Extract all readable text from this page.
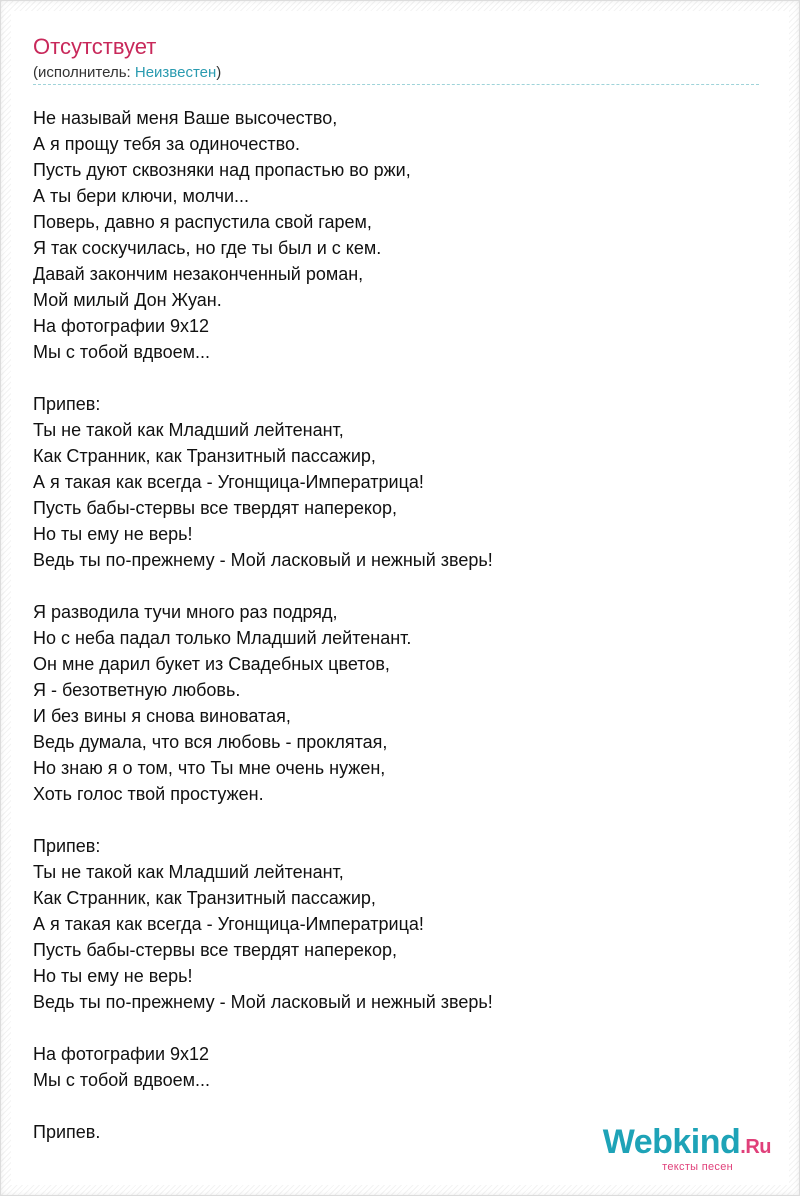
Отсутствует
(исполнитель: Неизвестен)
Не называй меня Ваше высочество,
А я прощу тебя за одиночество.
Пусть дуют сквозняки над пропастью во ржи,
А ты бери ключи, молчи...
Поверь, давно я распустила свой гарем,
Я так соскучилась, но где ты был и с кем.
Давай закончим незаконченный роман,
Мой милый Дон Жуан.
На фотографии 9x12
Мы с тобой вдвоем...
Припев:
Ты не такой как Младший лейтенант,
Как Странник, как Транзитный пассажир,
А я такая как всегда - Угонщица-Императрица!
Пусть бабы-стервы все твердят наперекор,
Но ты ему не верь!
Ведь ты по-прежнему - Мой ласковый и нежный зверь!
Я разводила тучи много раз подряд,
Но с неба падал только Младший лейтенант.
Он мне дарил букет из Свадебных цветов,
Я - безответную любовь.
И без вины я снова виноватая,
Ведь думала, что вся любовь - проклятая,
Но знаю я о том, что Ты мне очень нужен,
Хоть голос твой простужен.
Припев:
Ты не такой как Младший лейтенант,
Как Странник, как Транзитный пассажир,
А я такая как всегда - Угонщица-Императрица!
Пусть бабы-стервы все твердят наперекор,
Но ты ему не верь!
Ведь ты по-прежнему - Мой ласковый и нежный зверь!
На фотографии 9x12
Мы с тобой вдвоем...
Припев.	Webkind.Ru
тексты песен
